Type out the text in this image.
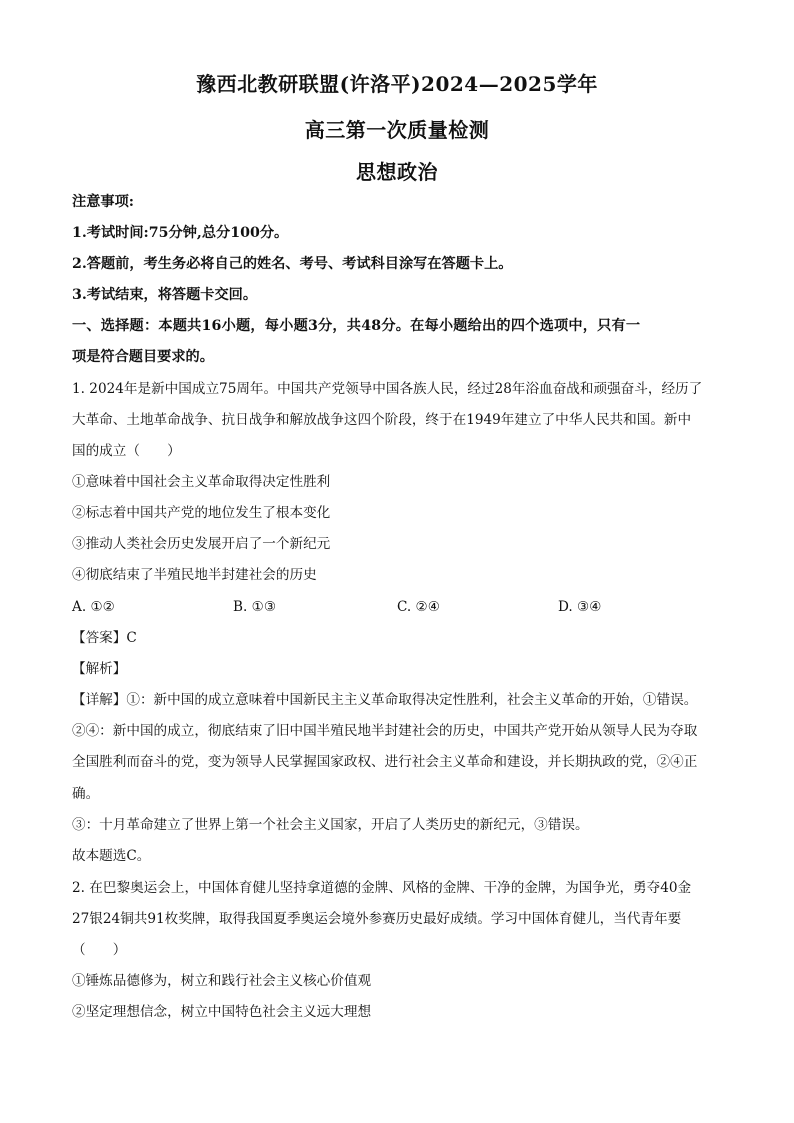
豫西北教研联盟(许洛平)2024—2025学年
高三第一次质量检测
思想政治
注意事项:
1.考试时间:75分钟,总分100分。
2.答题前，考生务必将自己的姓名、考号、考试科目涂写在答题卡上。
3.考试结束，将答题卡交回。
一、选择题：本题共16小题，每小题3分，共48分。在每小题给出的四个选项中，只有一
项是符合题目要求的。
1. 2024年是新中国成立75周年。中国共产党领导中国各族人民，经过28年浴血奋战和顽强奋斗，经历了
大革命、土地革命战争、抗日战争和解放战争这四个阶段，终于在1949年建立了中华人民共和国。新中
国的成立（　　）
①意味着中国社会主义革命取得决定性胜利
②标志着中国共产党的地位发生了根本变化
③推动人类社会历史发展开启了一个新纪元
④彻底结束了半殖民地半封建社会的历史
A. ①②	B. ①③	C. ②④	D. ③④
【答案】C
【解析】
【详解】①：新中国的成立意味着中国新民主主义革命取得决定性胜利，社会主义革命的开始，①错误。
②④：新中国的成立，彻底结束了旧中国半殖民地半封建社会的历史，中国共产党开始从领导人民为夺取
全国胜利而奋斗的党，变为领导人民掌握国家政权、进行社会主义革命和建设，并长期执政的党，②④正
确。
③：十月革命建立了世界上第一个社会主义国家，开启了人类历史的新纪元，③错误。
故本题选C。
2. 在巴黎奥运会上，中国体育健儿坚持拿道德的金牌、风格的金牌、干净的金牌，为国争光，勇夺40金
27银24铜共91枚奖牌，取得我国夏季奥运会境外参赛历史最好成绩。学习中国体育健儿，当代青年要
（　　）
①锤炼品德修为，树立和践行社会主义核心价值观
②坚定理想信念，树立中国特色社会主义远大理想
